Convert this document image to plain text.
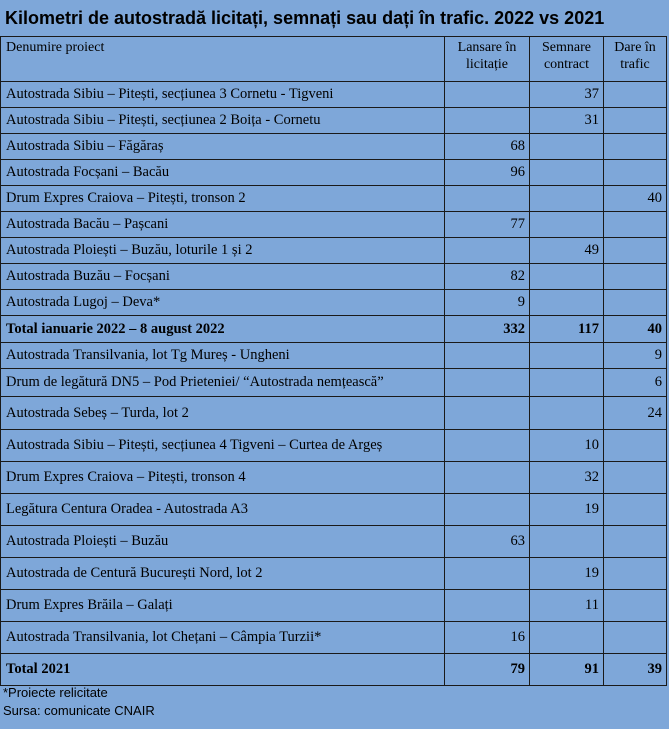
Kilometri de autostradă licitați, semnați sau dați în trafic. 2022 vs 2021
Denumire proiect	Lansare în licitație	Semnare contract	Dare în trafic
Autostrada Sibiu – Pitești, secțiunea 3 Cornetu - Tigveni		37	
Autostrada Sibiu – Pitești, secțiunea 2 Boița - Cornetu		31	
Autostrada Sibiu – Făgăraș	68		
Autostrada Focșani – Bacău	96		
Drum Expres Craiova – Pitești, tronson 2			40
Autostrada Bacău – Pașcani	77		
Autostrada Ploiești – Buzău, loturile 1 și 2		49	
Autostrada Buzău – Focșani	82		
Autostrada Lugoj – Deva*	9		
Total ianuarie 2022 – 8 august 2022	332	117	40
Autostrada Transilvania, lot Tg Mureș - Ungheni			9
Drum de legătură DN5 – Pod Prieteniei/ “Autostrada nemțească”			6
Autostrada Sebeș – Turda, lot 2			24
Autostrada Sibiu – Pitești, secțiunea 4 Tigveni – Curtea de Argeș		10	
Drum Expres Craiova – Pitești, tronson 4		32	
Legătura Centura Oradea - Autostrada A3		19	
Autostrada Ploiești – Buzău	63		
Autostrada de Centură București Nord, lot 2		19	
Drum Expres Brăila – Galați		11	
Autostrada Transilvania, lot Chețani – Câmpia Turzii*	16		
Total 2021	79	91	39
*Proiecte relicitate
Sursa: comunicate CNAIR
